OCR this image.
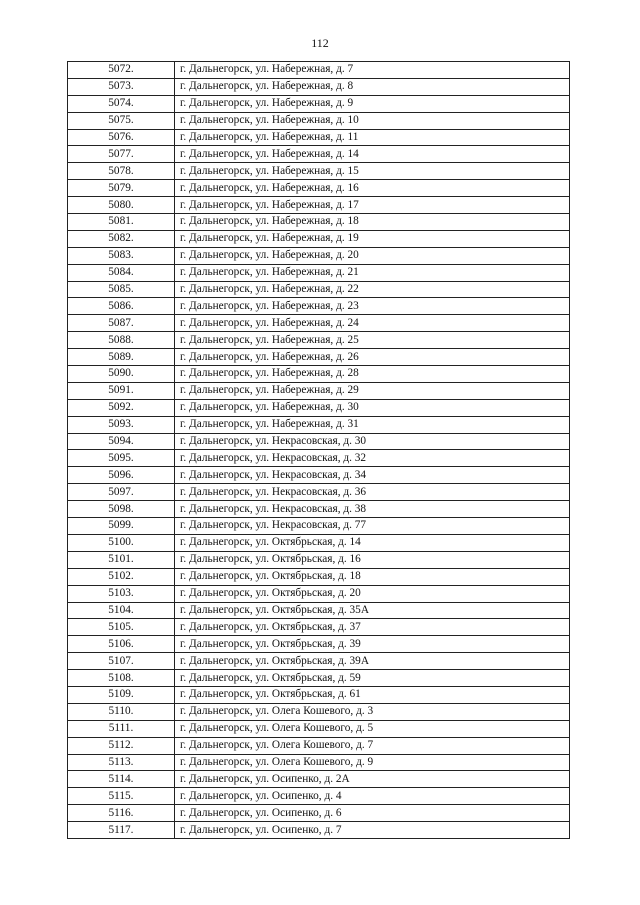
112
5072.	г. Дальнегорск, ул. Набережная, д. 7
5073.	г. Дальнегорск, ул. Набережная, д. 8
5074.	г. Дальнегорск, ул. Набережная, д. 9
5075.	г. Дальнегорск, ул. Набережная, д. 10
5076.	г. Дальнегорск, ул. Набережная, д. 11
5077.	г. Дальнегорск, ул. Набережная, д. 14
5078.	г. Дальнегорск, ул. Набережная, д. 15
5079.	г. Дальнегорск, ул. Набережная, д. 16
5080.	г. Дальнегорск, ул. Набережная, д. 17
5081.	г. Дальнегорск, ул. Набережная, д. 18
5082.	г. Дальнегорск, ул. Набережная, д. 19
5083.	г. Дальнегорск, ул. Набережная, д. 20
5084.	г. Дальнегорск, ул. Набережная, д. 21
5085.	г. Дальнегорск, ул. Набережная, д. 22
5086.	г. Дальнегорск, ул. Набережная, д. 23
5087.	г. Дальнегорск, ул. Набережная, д. 24
5088.	г. Дальнегорск, ул. Набережная, д. 25
5089.	г. Дальнегорск, ул. Набережная, д. 26
5090.	г. Дальнегорск, ул. Набережная, д. 28
5091.	г. Дальнегорск, ул. Набережная, д. 29
5092.	г. Дальнегорск, ул. Набережная, д. 30
5093.	г. Дальнегорск, ул. Набережная, д. 31
5094.	г. Дальнегорск, ул. Некрасовская, д. 30
5095.	г. Дальнегорск, ул. Некрасовская, д. 32
5096.	г. Дальнегорск, ул. Некрасовская, д. 34
5097.	г. Дальнегорск, ул. Некрасовская, д. 36
5098.	г. Дальнегорск, ул. Некрасовская, д. 38
5099.	г. Дальнегорск, ул. Некрасовская, д. 77
5100.	г. Дальнегорск, ул. Октябрьская, д. 14
5101.	г. Дальнегорск, ул. Октябрьская, д. 16
5102.	г. Дальнегорск, ул. Октябрьская, д. 18
5103.	г. Дальнегорск, ул. Октябрьская, д. 20
5104.	г. Дальнегорск, ул. Октябрьская, д. 35А
5105.	г. Дальнегорск, ул. Октябрьская, д. 37
5106.	г. Дальнегорск, ул. Октябрьская, д. 39
5107.	г. Дальнегорск, ул. Октябрьская, д. 39А
5108.	г. Дальнегорск, ул. Октябрьская, д. 59
5109.	г. Дальнегорск, ул. Октябрьская, д. 61
5110.	г. Дальнегорск, ул. Олега Кошевого, д. 3
5111.	г. Дальнегорск, ул. Олега Кошевого, д. 5
5112.	г. Дальнегорск, ул. Олега Кошевого, д. 7
5113.	г. Дальнегорск, ул. Олега Кошевого, д. 9
5114.	г. Дальнегорск, ул. Осипенко, д. 2А
5115.	г. Дальнегорск, ул. Осипенко, д. 4
5116.	г. Дальнегорск, ул. Осипенко, д. 6
5117.	г. Дальнегорск, ул. Осипенко, д. 7
